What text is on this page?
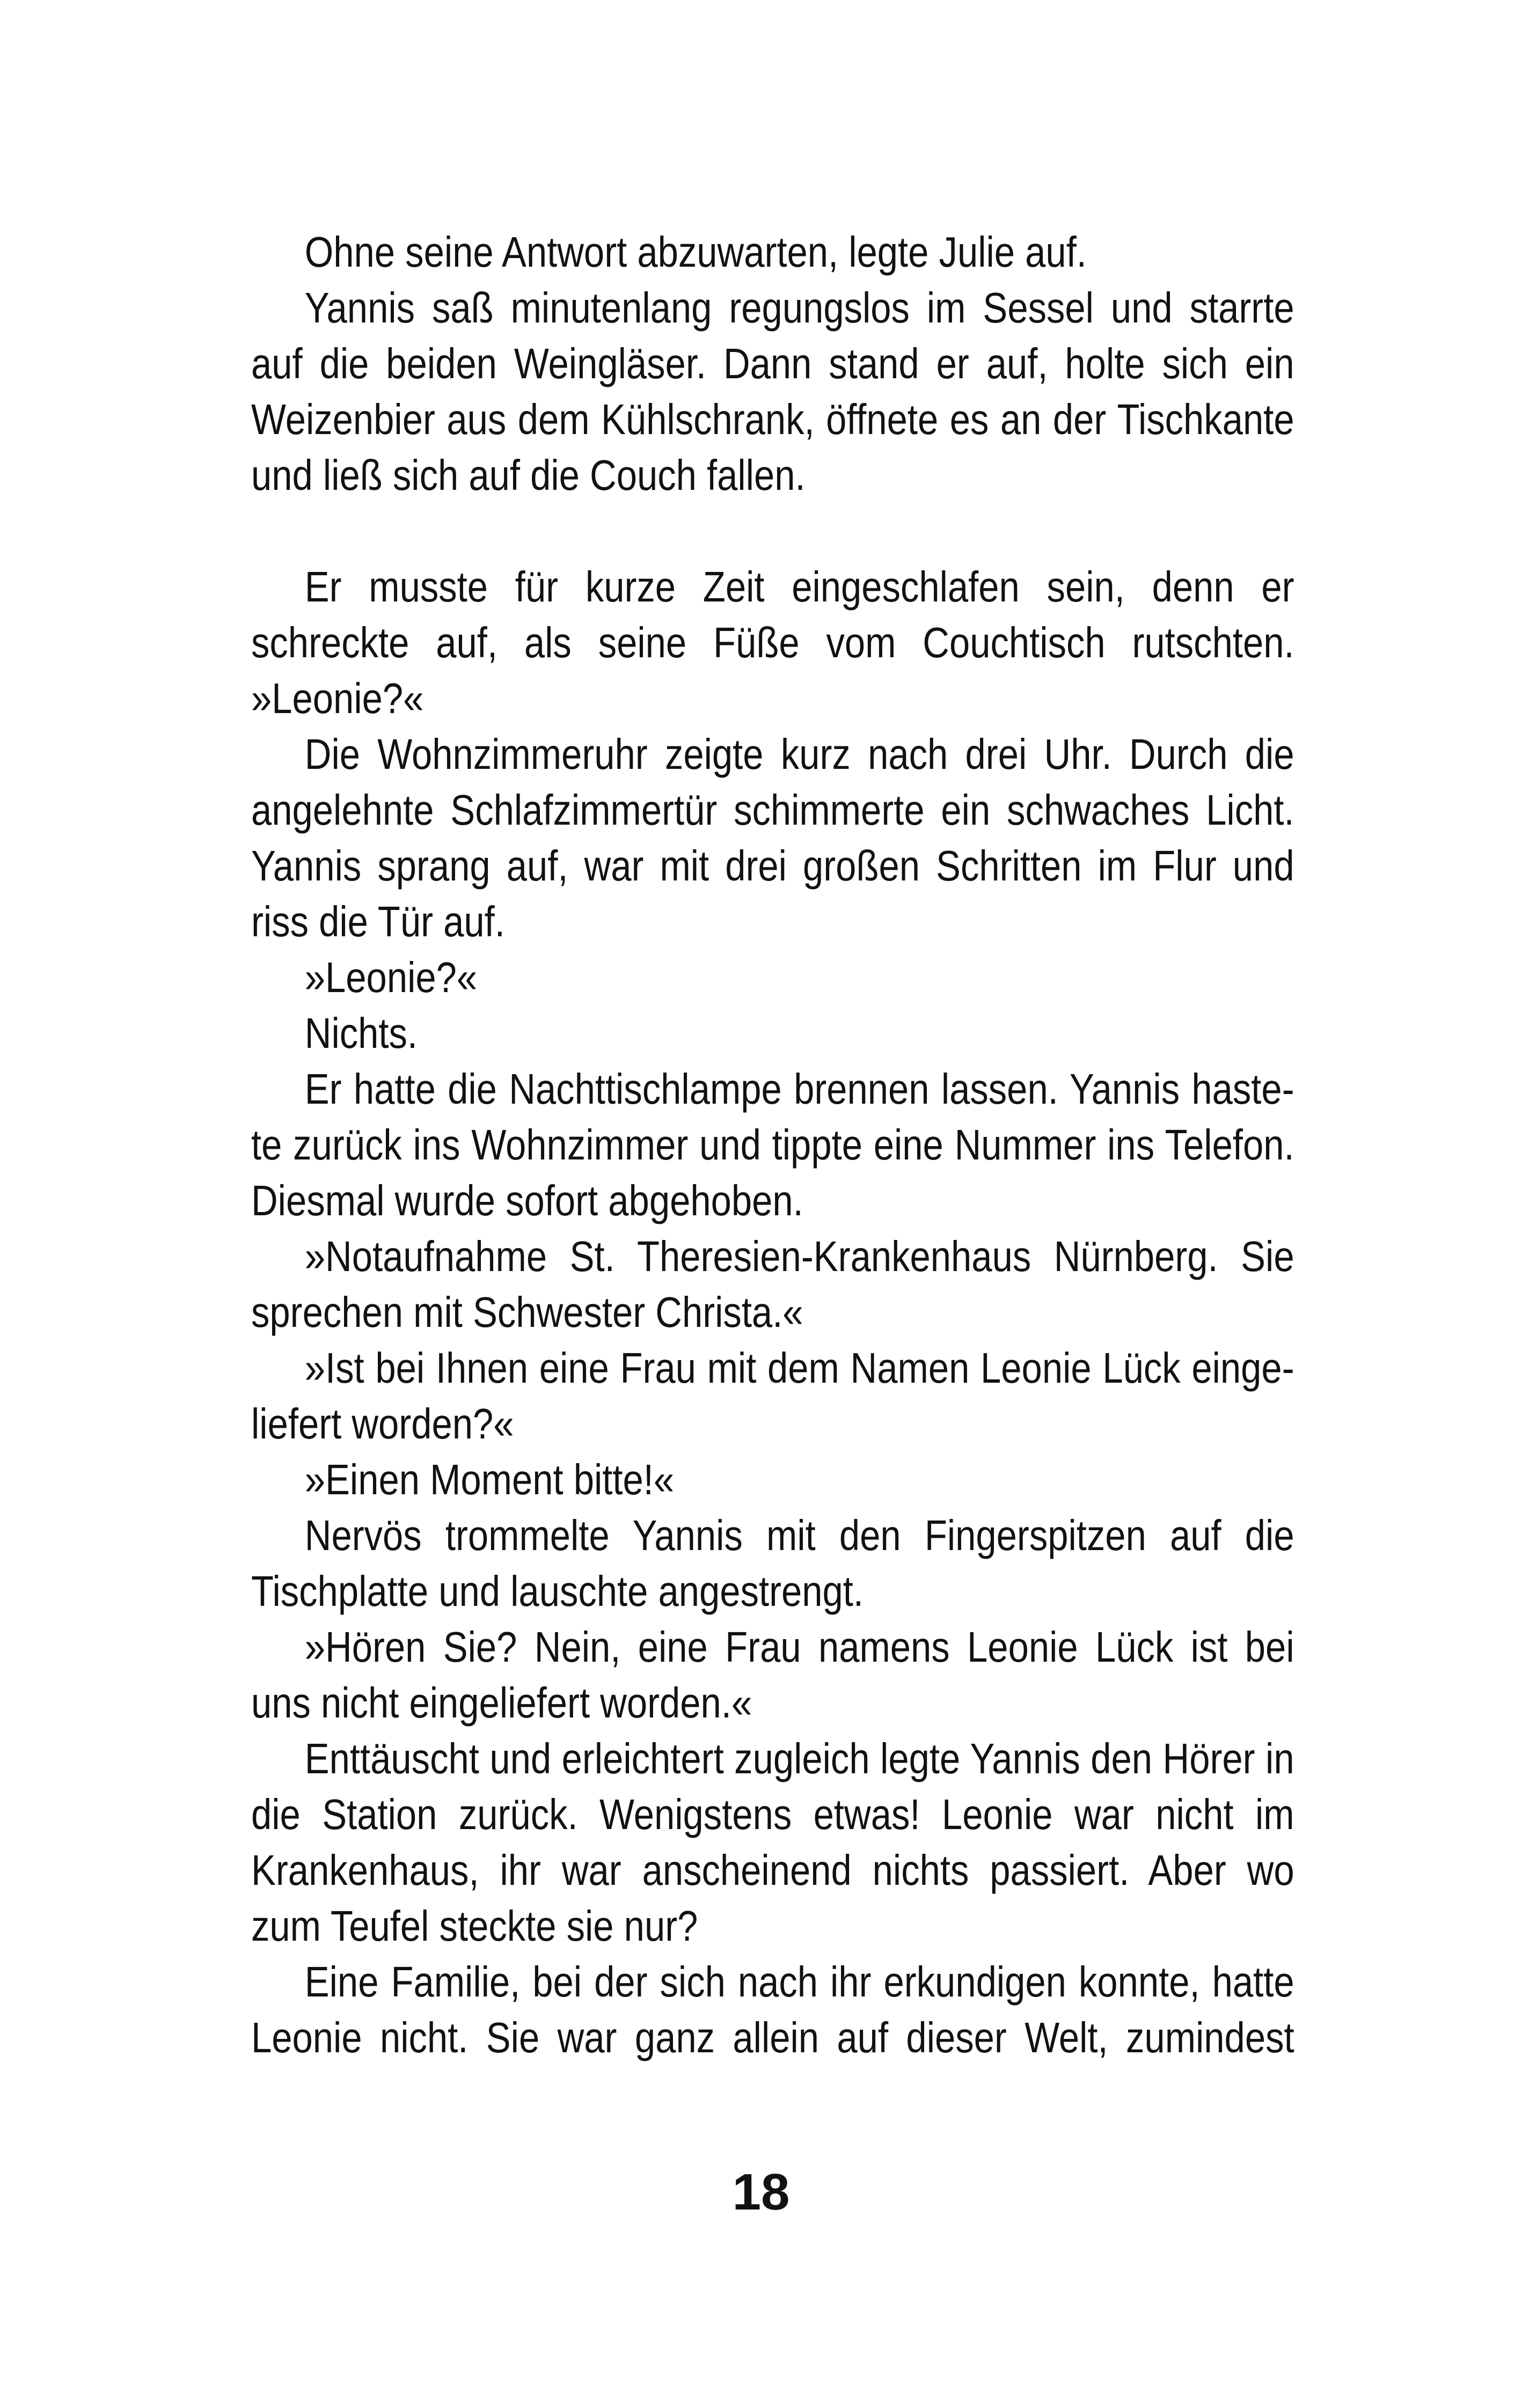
Ohne seine Antwort abzuwarten, legte Julie auf.

Yannis saß minutenlang regungslos im Sessel und starrte auf die beiden Weingläser. Dann stand er auf, holte sich ein Weizenbier aus dem Kühlschrank, öffnete es an der Tischkante und ließ sich auf die Couch fallen.

Er musste für kurze Zeit eingeschlafen sein, denn er schreckte auf, als seine Füße vom Couchtisch rutschten. »Leonie?«

Die Wohnzimmeruhr zeigte kurz nach drei Uhr. Durch die angelehnte Schlafzimmertür schimmerte ein schwaches Licht. Yannis sprang auf, war mit drei großen Schritten im Flur und riss die Tür auf.

»Leonie?«

Nichts.

Er hatte die Nachttischlampe brennen lassen. Yannis hastete zurück ins Wohnzimmer und tippte eine Nummer ins Telefon. Diesmal wurde sofort abgehoben.

»Notaufnahme St. Theresien-Krankenhaus Nürnberg. Sie sprechen mit Schwester Christa.«

»Ist bei Ihnen eine Frau mit dem Namen Leonie Lück eingeliefert worden?«

»Einen Moment bitte!«

Nervös trommelte Yannis mit den Fingerspitzen auf die Tischplatte und lauschte angestrengt.

»Hören Sie? Nein, eine Frau namens Leonie Lück ist bei uns nicht eingeliefert worden.«

Enttäuscht und erleichtert zugleich legte Yannis den Hörer in die Station zurück. Wenigstens etwas! Leonie war nicht im Krankenhaus, ihr war anscheinend nichts passiert. Aber wo zum Teufel steckte sie nur?

Eine Familie, bei der sich nach ihr erkundigen konnte, hatte Leonie nicht. Sie war ganz allein auf dieser Welt, zumindest

18
